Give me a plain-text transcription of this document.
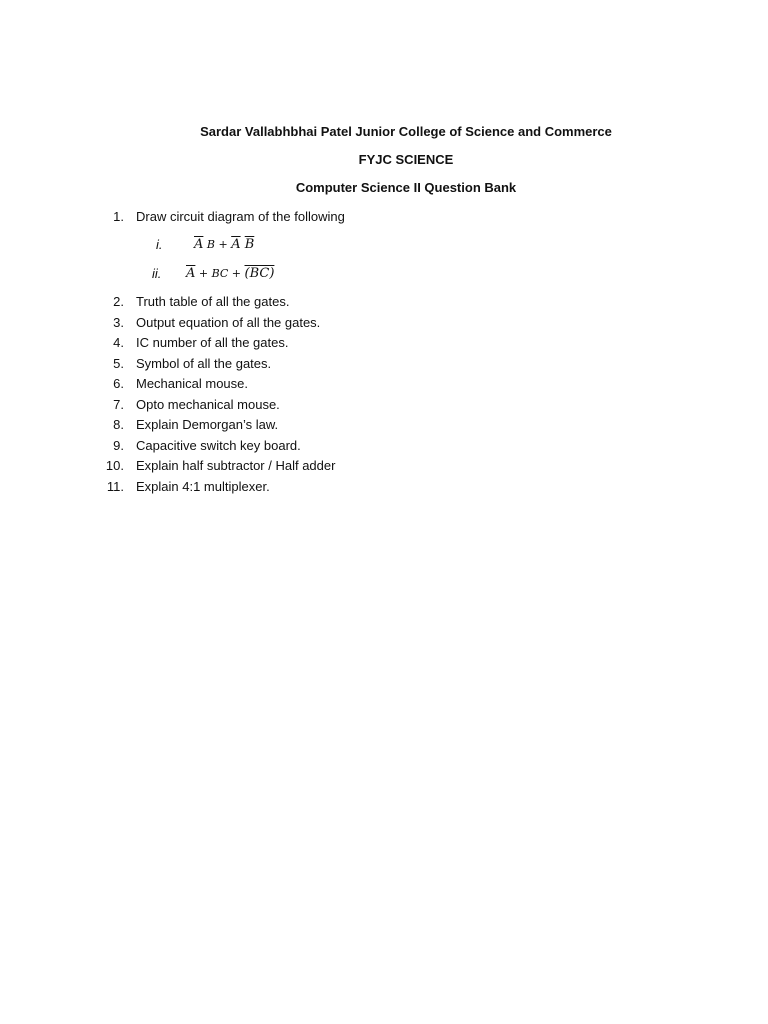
Sardar Vallabhbhai Patel Junior College of Science and Commerce
FYJC SCIENCE
Computer Science II Question Bank
1. Draw circuit diagram of the following
i. $\overline{A}$ $B + \overline{A}$ $\overline{B}$
ii. $\overline{A}$ + BC + (BC)
2. Truth table of all the gates.
3. Output equation of all the gates.
4. IC number of all the gates.
5. Symbol of all the gates.
6. Mechanical mouse.
7. Opto mechanical mouse.
8. Explain Demorgan’s law.
9. Capacitive switch key board.
10. Explain half subtractor / Half adder
11. Explain 4:1 multiplexer.
